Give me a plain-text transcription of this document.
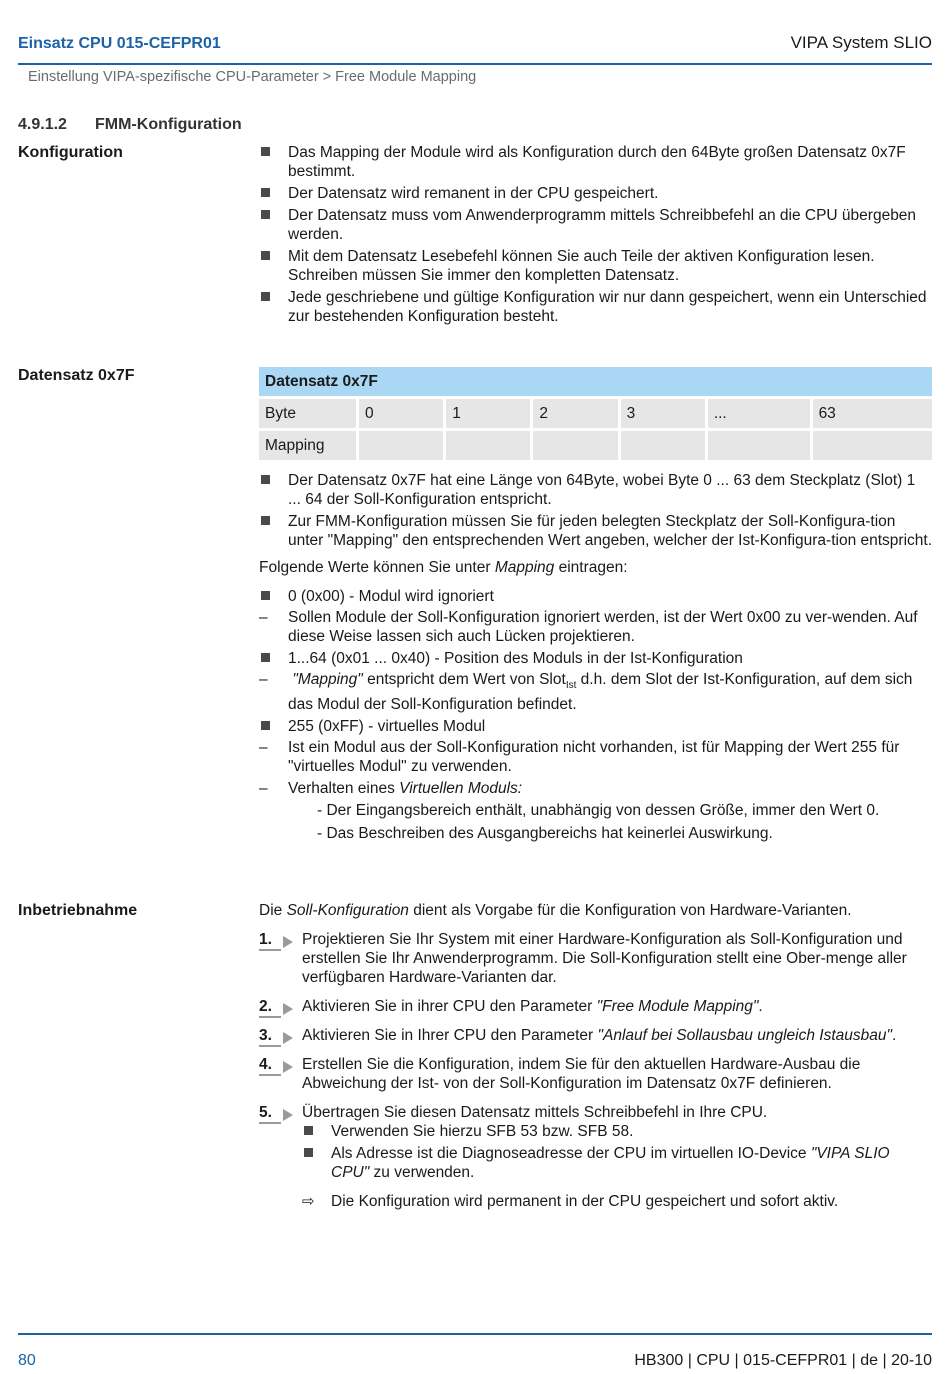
Einsatz CPU 015-CEFPR01	VIPA System SLIO
Einstellung VIPA-spezifische CPU-Parameter > Free Module Mapping
4.9.1.2 FMM-Konfiguration
Konfiguration	Das Mapping der Module wird als Konfiguration durch den 64Byte großen Datensatz 0x7F bestimmt.
Der Datensatz wird remanent in der CPU gespeichert.
Der Datensatz muss vom Anwenderprogramm mittels Schreibbefehl an die CPU übergeben werden.
Mit dem Datensatz Lesebefehl können Sie auch Teile der aktiven Konfiguration lesen. Schreiben müssen Sie immer den kompletten Datensatz.
Jede geschriebene und gültige Konfiguration wir nur dann gespeichert, wenn ein Unterschied zur bestehenden Konfiguration besteht.
Datensatz 0x7F	Datensatz 0x7F						
Byte	0	1	2	3	...	63
Mapping						
Der Datensatz 0x7F hat eine Länge von 64Byte, wobei Byte 0 ... 63 dem Steckplatz (Slot) 1 ... 64 der Soll-Konfiguration entspricht.
Zur FMM-Konfiguration müssen Sie für jeden belegten Steckplatz der Soll-Konfigura-tion unter "Mapping" den entsprechenden Wert angeben, welcher der Ist-Konfigura-tion entspricht.

Folgende Werte können Sie unter Mapping eintragen:

0 (0x00) - Modul wird ignoriert
– Sollen Module der Soll-Konfiguration ignoriert werden, ist der Wert 0x00 zu ver-wenden. Auf diese Weise lassen sich auch Lücken projektieren.
1...64 (0x01 ... 0x40) - Position des Moduls in der Ist-Konfiguration
– "Mapping" entspricht dem Wert von Slot$_{Ist}$ d.h. dem Slot der Ist-Konfiguration, auf dem sich das Modul der Soll-Konfiguration befindet.
255 (0xFF) - virtuelles Modul
– Ist ein Modul aus der Soll-Konfiguration nicht vorhanden, ist für Mapping der Wert 255 für "virtuelles Modul" zu verwenden.
– Verhalten eines Virtuellen Moduls:
- Der Eingangsbereich enthält, unabhängig von dessen Größe, immer den Wert 0.
- Das Beschreiben des Ausgangbereichs hat keinerlei Auswirkung.
Inbetriebnahme	Die Soll-Konfiguration dient als Vorgabe für die Konfiguration von Hardware-Varianten.

1.	Projektieren Sie Ihr System mit einer Hardware-Konfiguration als Soll-Konfiguration und erstellen Sie Ihr Anwenderprogramm. Die Soll-Konfiguration stellt eine Ober-menge aller verfügbaren Hardware-Varianten dar.
2.	Aktivieren Sie in ihrer CPU den Parameter "Free Module Mapping".
3.	Aktivieren Sie in Ihrer CPU den Parameter "Anlauf bei Sollausbau ungleich Istausbau".
4.	Erstellen Sie die Konfiguration, indem Sie für den aktuellen Hardware-Ausbau die Abweichung der Ist- von der Soll-Konfiguration im Datensatz 0x7F definieren.
5.	Übertragen Sie diesen Datensatz mittels Schreibbefehl in Ihre CPU.
Verwenden Sie hierzu SFB 53 bzw. SFB 58.
Als Adresse ist die Diagnoseadresse der CPU im virtuellen IO-Device "VIPA SLIO CPU" zu verwenden.
⇨ Die Konfiguration wird permanent in der CPU gespeichert und sofort aktiv.
80	HB300 | CPU | 015-CEFPR01 | de | 20-10
